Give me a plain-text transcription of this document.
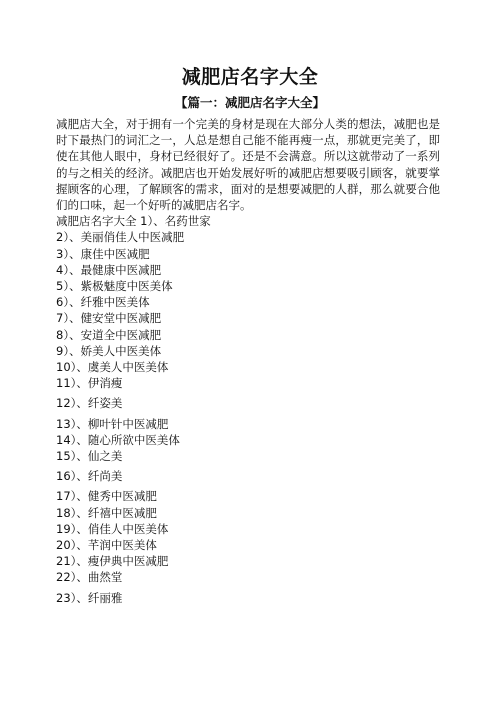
减肥店名字大全
【篇一：减肥店名字大全】

减肥店大全，对于拥有一个完美的身材是现在大部分人类的想法，减肥也是时下最热门的词汇之一，人总是想自己能不能再瘦一点，那就更完美了，即使在其他人眼中，身材已经很好了。还是不会满意。所以这就带动了一系列的与之相关的经济。减肥店也开始发展好听的减肥店想要吸引顾客，就要掌握顾客的心理，了解顾客的需求，面对的是想要减肥的人群，那么就要合他们的口味，起一个好听的减肥店名字。

减肥店名字大全 1）、名药世家
2）、美丽俏佳人中医减肥
3）、康佳中医减肥
4）、最健康中医减肥
5）、紫极魅度中医美体
6）、纤雅中医美体
7）、健安堂中医减肥
8）、安道全中医减肥
9）、娇美人中医美体
10）、虞美人中医美体
11）、伊消瘦
12）、纤姿美
13）、柳叶针中医减肥
14）、随心所欲中医美体
15）、仙之美
16）、纤尚美
17）、健秀中医减肥
18）、纤禧中医减肥
19）、俏佳人中医美体
20）、芊润中医美体
21）、瘦伊典中医减肥
22）、曲然堂
23）、纤丽雅
